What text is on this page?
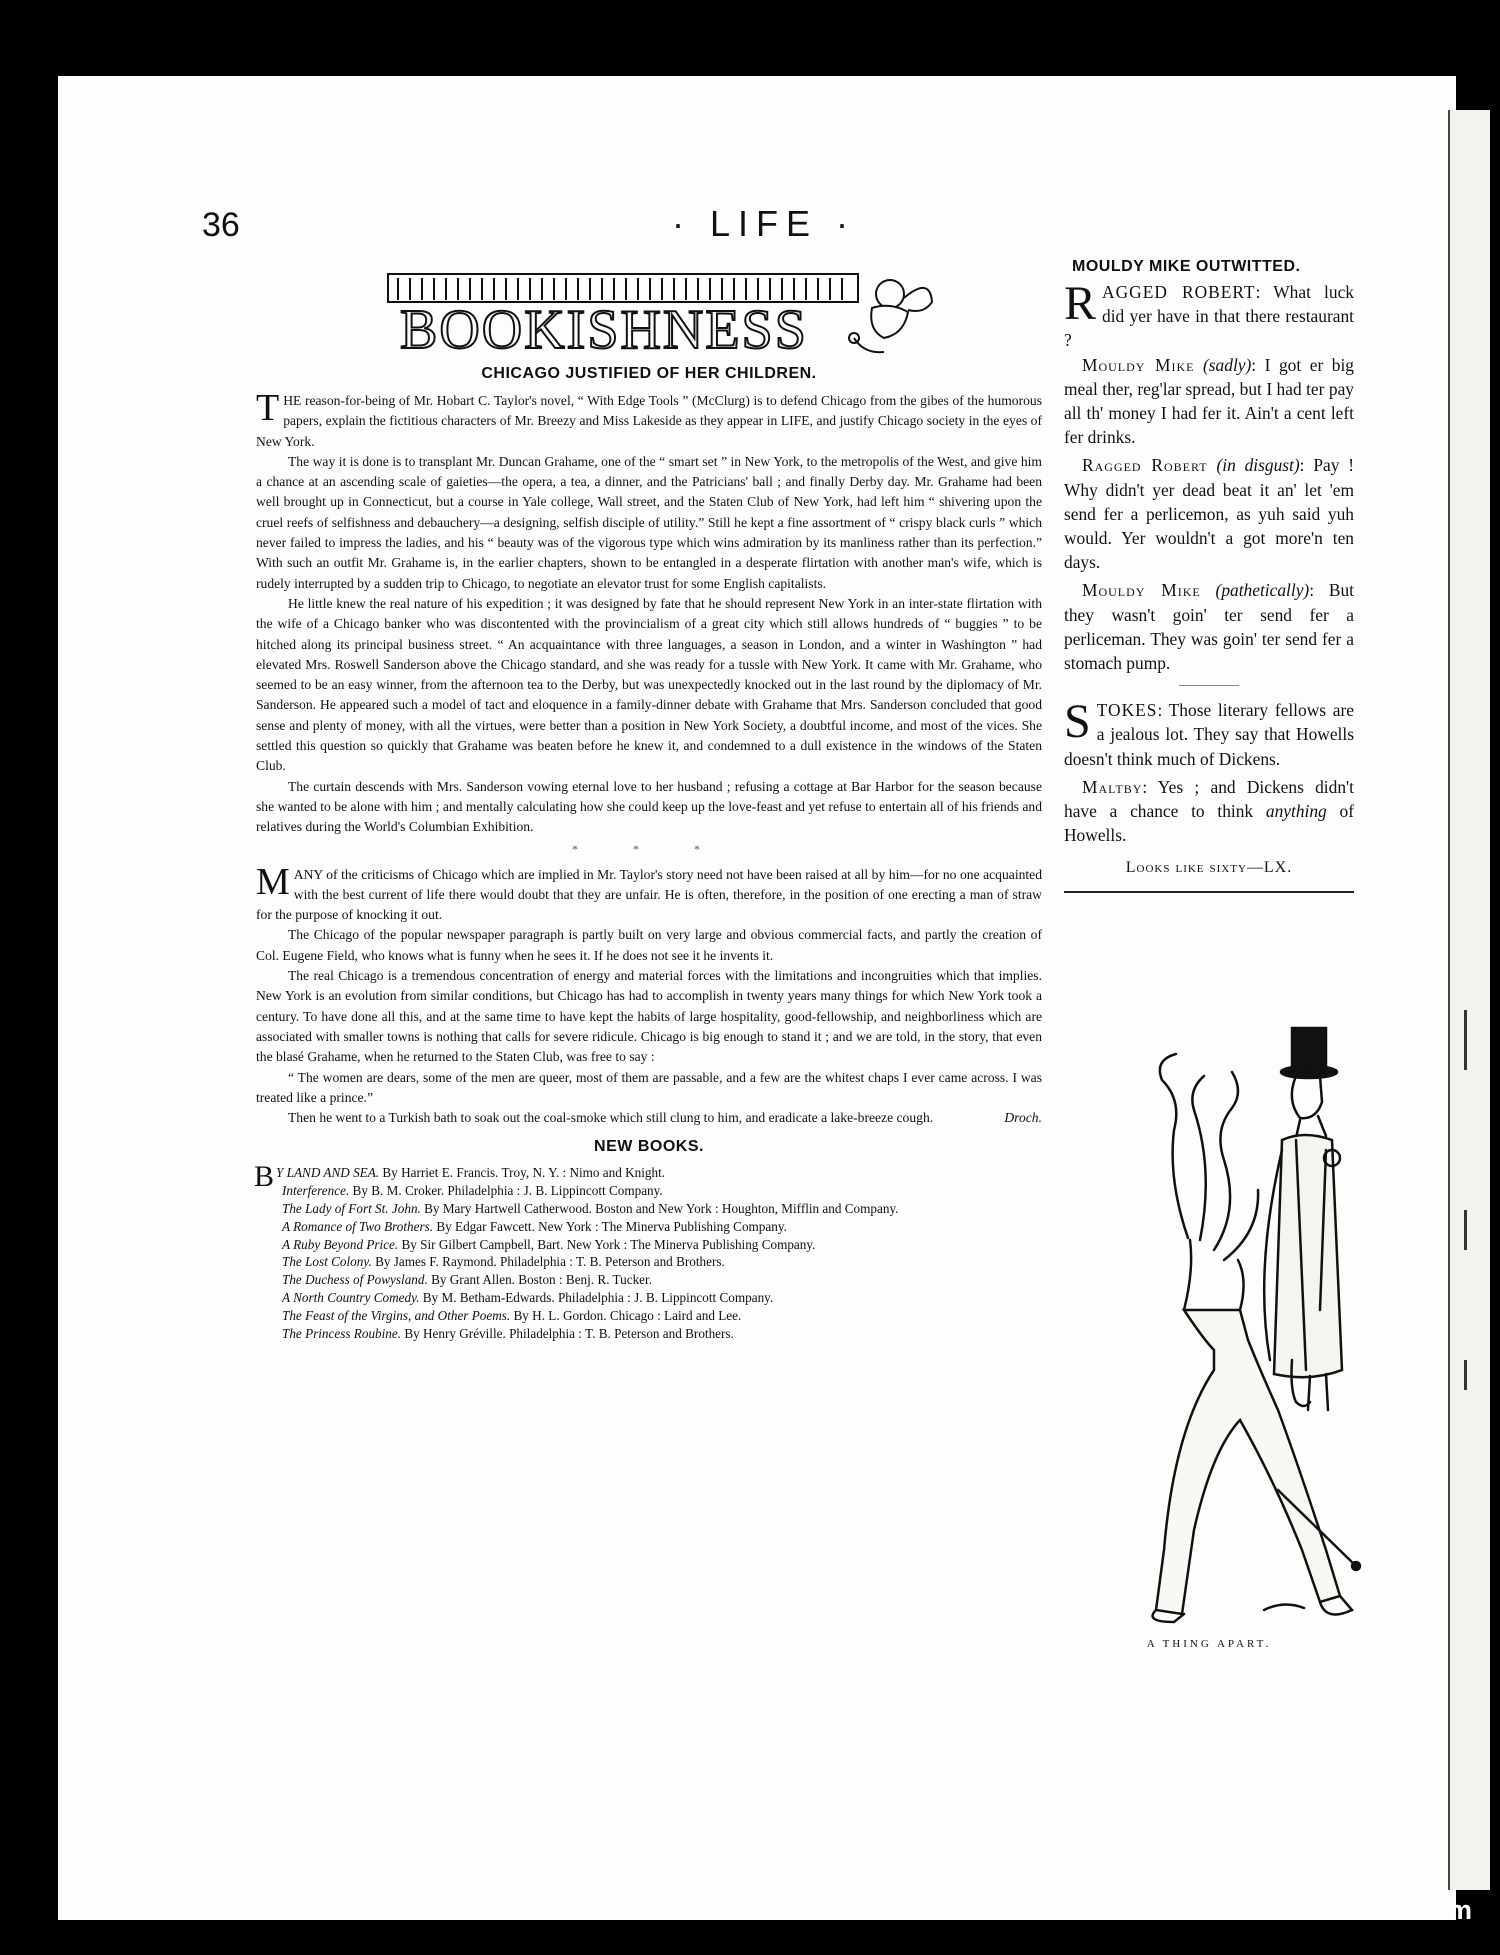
36	· LIFE ·
BOOKISHNESS
CHICAGO JUSTIFIED OF HER CHILDREN.

THE reason-for-being of Mr. Hobart C. Taylor's novel, “ With Edge Tools ” (McClurg) is to defend Chicago from the gibes of the humorous papers, explain the fictitious characters of Mr. Breezy and Miss Lakeside as they appear in LIFE, and justify Chicago society in the eyes of New York.

The way it is done is to transplant Mr. Duncan Grahame, one of the “ smart set ” in New York, to the metropolis of the West, and give him a chance at an ascending scale of gaieties—the opera, a tea, a dinner, and the Patricians' ball ; and finally Derby day. Mr. Grahame had been well brought up in Connecticut, but a course in Yale college, Wall street, and the Staten Club of New York, had left him “ shivering upon the cruel reefs of selfishness and debauchery—a designing, selfish disciple of utility.” Still he kept a fine assortment of “ crispy black curls ” which never failed to impress the ladies, and his “ beauty was of the vigorous type which wins admiration by its manliness rather than its perfection.” With such an outfit Mr. Grahame is, in the earlier chapters, shown to be entangled in a desperate flirtation with another man's wife, which is rudely interrupted by a sudden trip to Chicago, to negotiate an elevator trust for some English capitalists.

He little knew the real nature of his expedition ; it was designed by fate that he should represent New York in an inter-state flirtation with the wife of a Chicago banker who was discontented with the provincialism of a great city which still allows hundreds of “ buggies ” to be hitched along its principal business street. “ An acquaintance with three languages, a season in London, and a winter in Washington ” had elevated Mrs. Roswell Sanderson above the Chicago standard, and she was ready for a tussle with New York. It came with Mr. Grahame, who seemed to be an easy winner, from the afternoon tea to the Derby, but was unexpectedly knocked out in the last round by the diplomacy of Mr. Sanderson. He appeared such a model of tact and eloquence in a family-dinner debate with Grahame that Mrs. Sanderson concluded that good sense and plenty of money, with all the virtues, were better than a position in New York Society, a doubtful income, and most of the vices. She settled this question so quickly that Grahame was beaten before he knew it, and condemned to a dull existence in the windows of the Staten Club.

The curtain descends with Mrs. Sanderson vowing eternal love to her husband ; refusing a cottage at Bar Harbor for the season because she wanted to be alone with him ; and mentally calculating how she could keep up the love-feast and yet refuse to entertain all of his friends and relatives during the World's Columbian Exhibition.

* * *

MANY of the criticisms of Chicago which are implied in Mr. Taylor's story need not have been raised at all by him—for no one acquainted with the best current of life there would doubt that they are unfair. He is often, therefore, in the position of one erecting a man of straw for the purpose of knocking it out.

The Chicago of the popular newspaper paragraph is partly built on very large and obvious commercial facts, and partly the creation of Col. Eugene Field, who knows what is funny when he sees it. If he does not see it he invents it.

The real Chicago is a tremendous concentration of energy and material forces with the limitations and incongruities which that implies. New York is an evolution from similar conditions, but Chicago has had to accomplish in twenty years many things for which New York took a century. To have done all this, and at the same time to have kept the habits of large hospitality, good-fellowship, and neighborliness which are associated with smaller towns is nothing that calls for severe ridicule. Chicago is big enough to stand it ; and we are told, in the story, that even the blasé Grahame, when he returned to the Staten Club, was free to say :

“ The women are dears, some of the men are queer, most of them are passable, and a few are the whitest chaps I ever came across. I was treated like a prince.”

Then he went to a Turkish bath to soak out the coal-smoke which still clung to him, and eradicate a lake-breeze cough.	Droch.

NEW BOOKS.
B Y LAND AND SEA. By Harriet E. Francis. Troy, N. Y. : Nimo and Knight.
Interference. By B. M. Croker. Philadelphia : J. B. Lippincott Company.
The Lady of Fort St. John. By Mary Hartwell Catherwood. Boston and New York : Houghton, Mifflin and Company.
A Romance of Two Brothers. By Edgar Fawcett. New York : The Minerva Publishing Company.
A Ruby Beyond Price. By Sir Gilbert Campbell, Bart. New York : The Minerva Publishing Company.
The Lost Colony. By James F. Raymond. Philadelphia : T. B. Peterson and Brothers.
The Duchess of Powysland. By Grant Allen. Boston : Benj. R. Tucker.
A North Country Comedy. By M. Betham-Edwards. Philadelphia : J. B. Lippincott Company.
The Feast of the Virgins, and Other Poems. By H. L. Gordon. Chicago : Laird and Lee.
The Princess Roubine. By Henry Gréville. Philadelphia : T. B. Peterson and Brothers.
MOULDY MIKE OUTWITTED.

RAGGED ROBERT: What luck did yer have in that there restaurant ?

Mouldy Mike (sadly): I got er big meal ther, reg'lar spread, but I had ter pay all th' money I had fer it. Ain't a cent left fer drinks.

Ragged Robert (in disgust): Pay ! Why didn't yer dead beat it an' let 'em send fer a perlicemon, as yuh said yuh would. Yer wouldn't a got more'n ten days.

Mouldy Mike (pathetically): But they wasn't goin' ter send fer a perliceman. They was goin' ter send fer a stomach pump.

STOKES: Those literary fellows are a jealous lot. They say that Howells doesn't think much of Dickens.

Maltby: Yes ; and Dickens didn't have a chance to think anything of Howells.

Looks like sixty—LX.
A THING APART.
comicbooks.com
